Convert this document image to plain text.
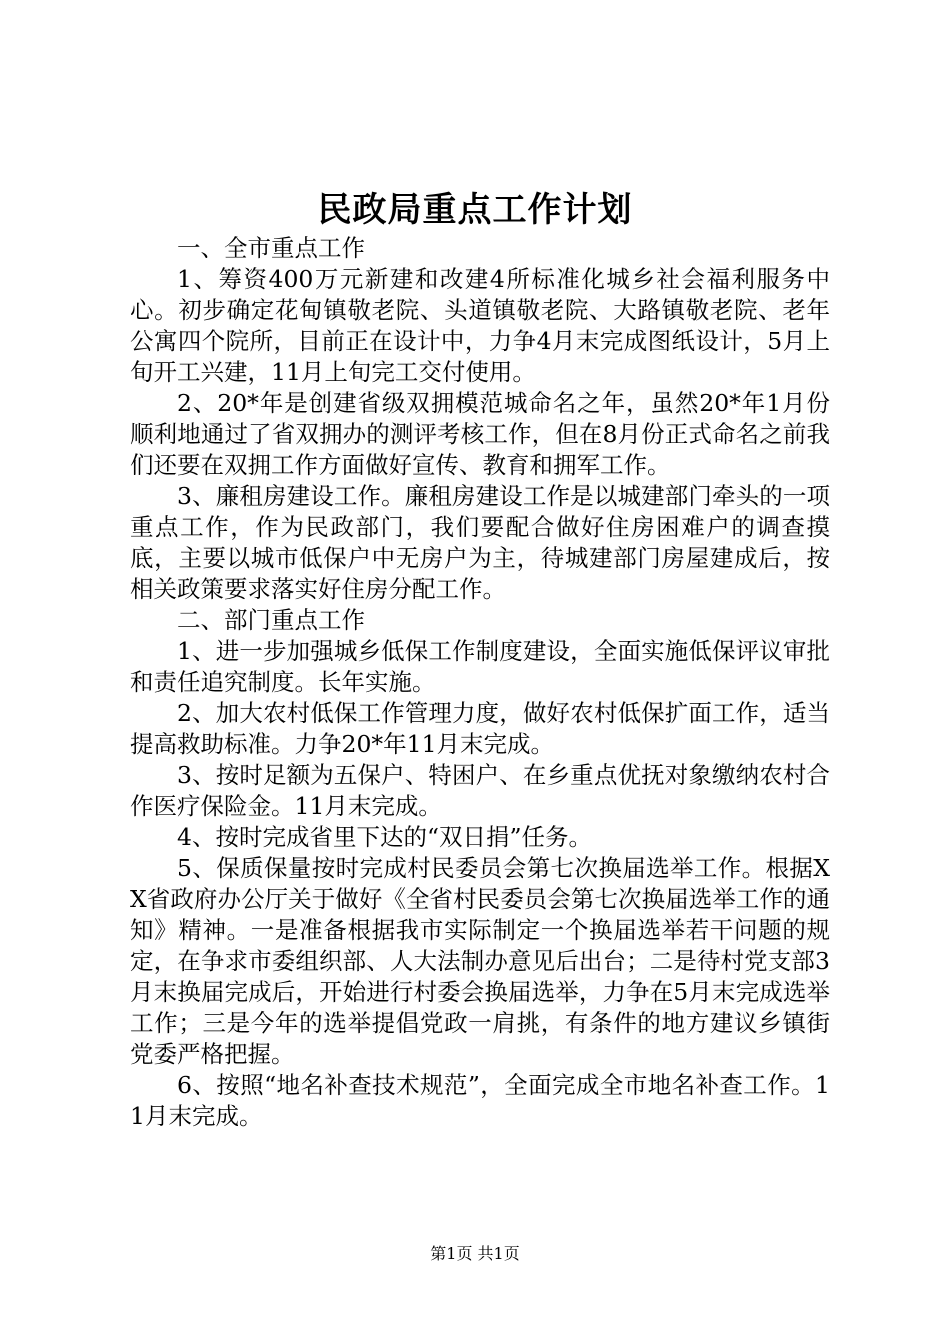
民政局重点工作计划

一、全市重点工作

1、筹资400万元新建和改建4所标准化城乡社会福利服务中心。初步确定花甸镇敬老院、头道镇敬老院、大路镇敬老院、老年公寓四个院所，目前正在设计中，力争4月末完成图纸设计，5月上旬开工兴建，11月上旬完工交付使用。

2、20*年是创建省级双拥模范城命名之年，虽然20*年1月份顺利地通过了省双拥办的测评考核工作，但在8月份正式命名之前我们还要在双拥工作方面做好宣传、教育和拥军工作。

3、廉租房建设工作。廉租房建设工作是以城建部门牵头的一项重点工作，作为民政部门，我们要配合做好住房困难户的调查摸底，主要以城市低保户中无房户为主，待城建部门房屋建成后，按相关政策要求落实好住房分配工作。

二、部门重点工作

1、进一步加强城乡低保工作制度建设，全面实施低保评议审批和责任追究制度。长年实施。

2、加大农村低保工作管理力度，做好农村低保扩面工作，适当提高救助标准。力争20*年11月末完成。

3、按时足额为五保户、特困户、在乡重点优抚对象缴纳农村合作医疗保险金。11月末完成。

4、按时完成省里下达的“双日捐”任务。

5、保质保量按时完成村民委员会第七次换届选举工作。根据XX省政府办公厅关于做好《全省村民委员会第七次换届选举工作的通知》精神。一是准备根据我市实际制定一个换届选举若干问题的规定，在争求市委组织部、人大法制办意见后出台；二是待村党支部3月末换届完成后，开始进行村委会换届选举，力争在5月末完成选举工作；三是今年的选举提倡党政一肩挑，有条件的地方建议乡镇街党委严格把握。

6、按照“地名补查技术规范”，全面完成全市地名补查工作。11月末完成。

第1页 共1页
